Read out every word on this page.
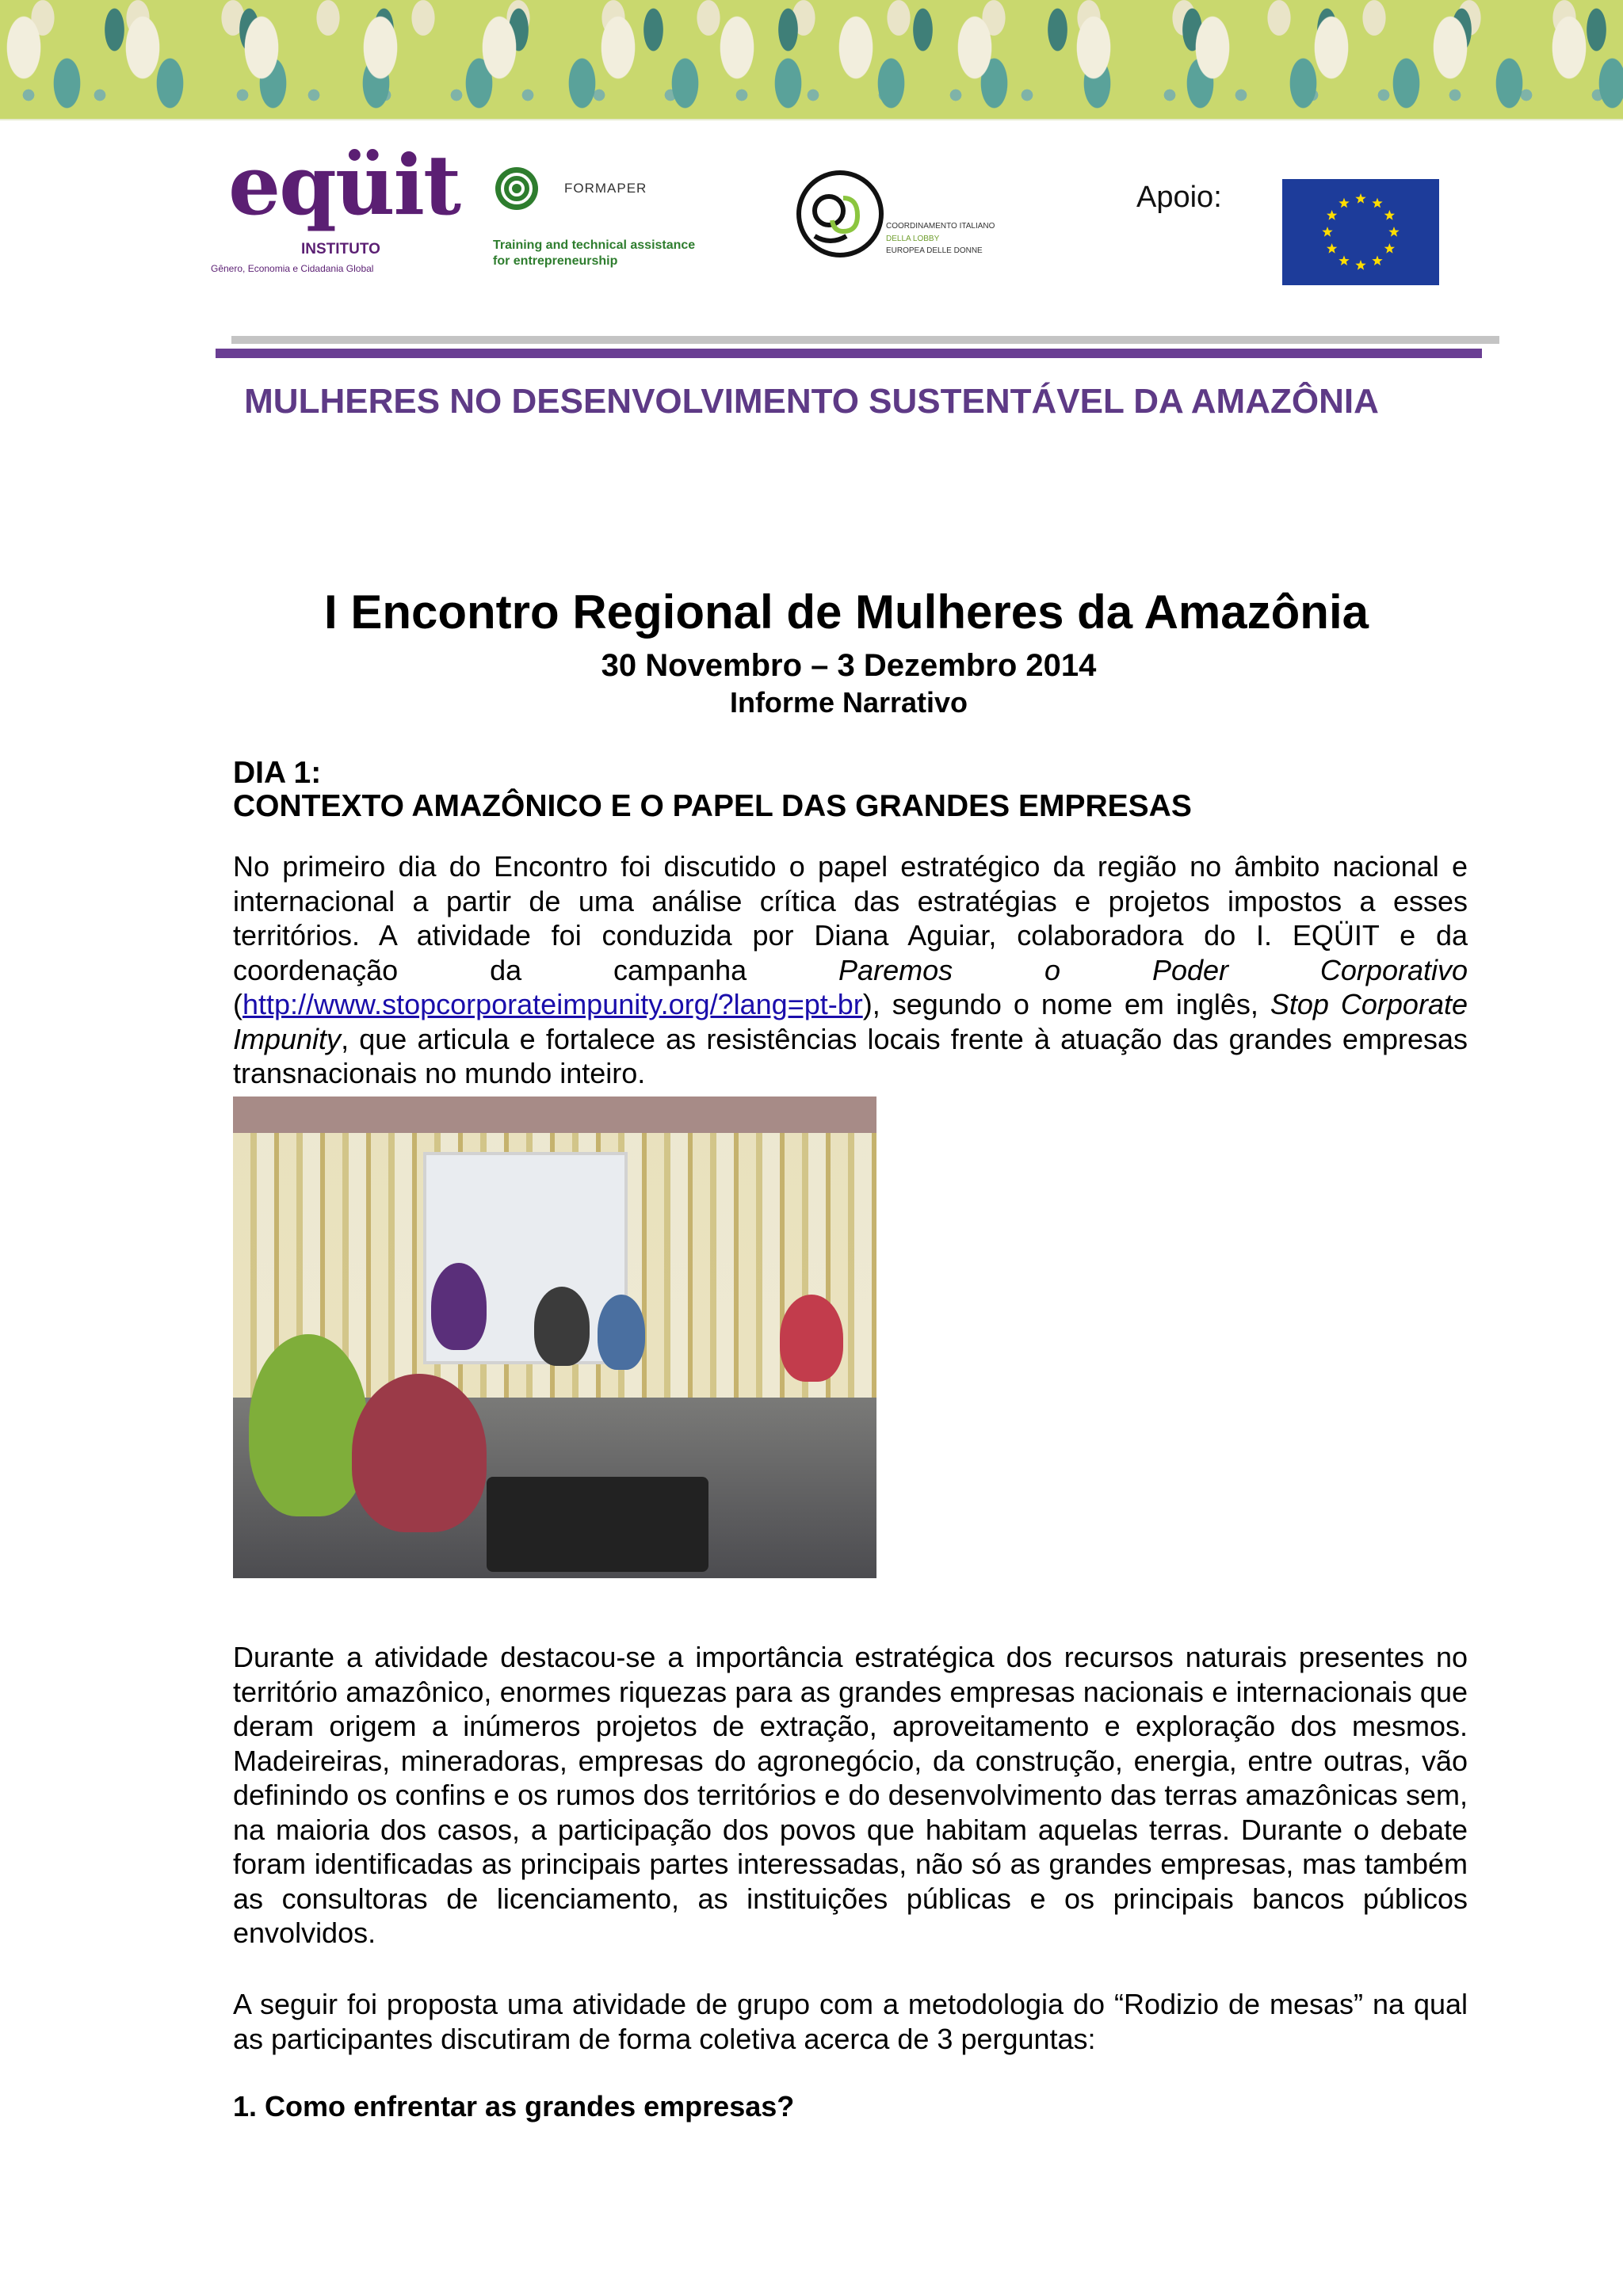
eqüit
INSTITUTO
Gênero, Economia e Cidadania Global
FORMAPER
Training and technical assistance for entrepreneurship
COORDINAMENTO ITALIANO
DELLA LOBBY
EUROPEA DELLE DONNE
Apoio:
MULHERES NO DESENVOLVIMENTO SUSTENTÁVEL DA AMAZÔNIA
I Encontro Regional de Mulheres da Amazônia
30 Novembro – 3 Dezembro 2014
Informe Narrativo
DIA 1:
CONTEXTO AMAZÔNICO E O PAPEL DAS GRANDES EMPRESAS
No primeiro dia do Encontro foi discutido o papel estratégico da região no âmbito nacional e internacional a partir de uma análise crítica das estratégias e projetos impostos a esses territórios. A atividade foi conduzida por Diana Aguiar, colaboradora do I. EQÜIT e da coordenação da campanha Paremos o Poder Corporativo (http://www.stopcorporateimpunity.org/?lang=pt-br), segundo o nome em inglês, Stop Corporate Impunity, que articula e fortalece as resistências locais frente à atuação das grandes empresas transnacionais no mundo inteiro.
Durante a atividade destacou-se a importância estratégica dos recursos naturais presentes no território amazônico, enormes riquezas para as grandes empresas nacionais e internacionais que deram origem a inúmeros projetos de extração, aproveitamento e exploração dos mesmos. Madeireiras, mineradoras, empresas do agronegócio, da construção, energia, entre outras, vão definindo os confins e os rumos dos territórios e do desenvolvimento das terras amazônicas sem, na maioria dos casos, a participação dos povos que habitam aquelas terras. Durante o debate foram identificadas as principais partes interessadas, não só as grandes empresas, mas também as consultoras de licenciamento, as instituições públicas e os principais bancos públicos envolvidos.
A seguir foi proposta uma atividade de grupo com a metodologia do “Rodizio de mesas” na qual as participantes discutiram de forma coletiva acerca de 3 perguntas:
1. Como enfrentar as grandes empresas?
